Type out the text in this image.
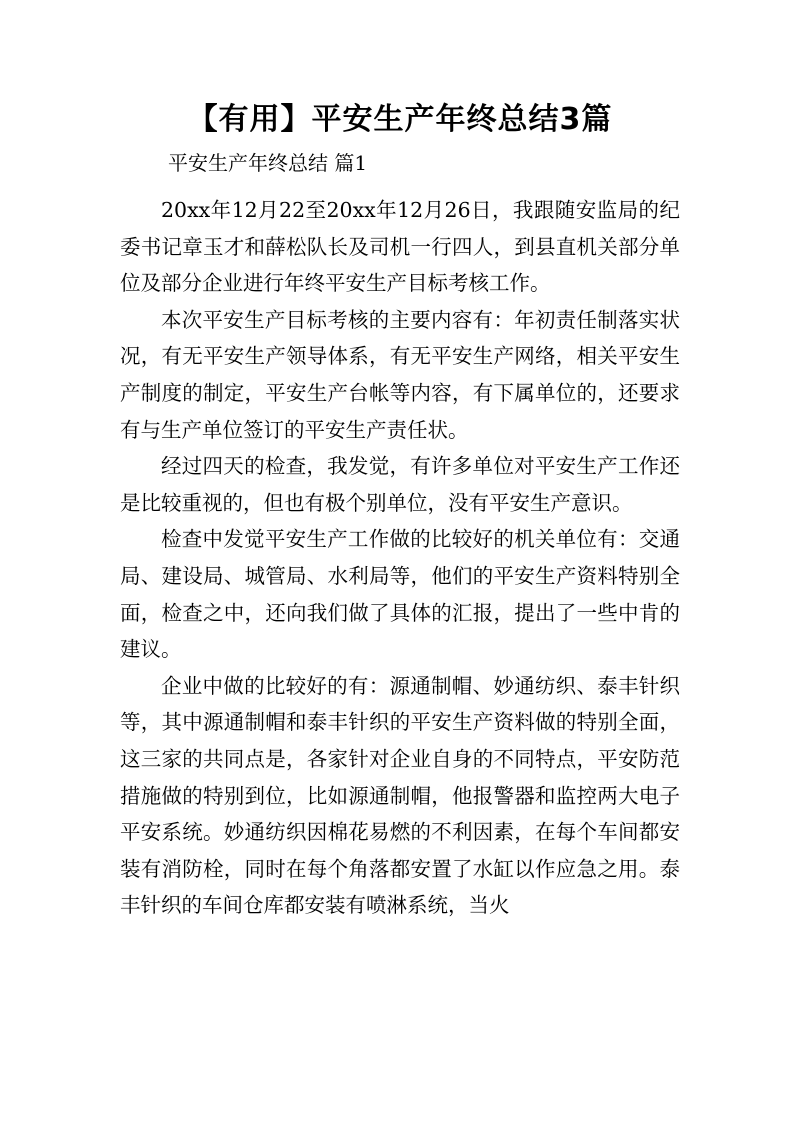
【有用】平安生产年终总结3篇
平安生产年终总结 篇1

20xx年12月22至20xx年12月26日，我跟随安监局的纪委书记章玉才和薛松队长及司机一行四人，到县直机关部分单位及部分企业进行年终平安生产目标考核工作。

本次平安生产目标考核的主要内容有：年初责任制落实状况，有无平安生产领导体系，有无平安生产网络，相关平安生产制度的制定，平安生产台帐等内容，有下属单位的，还要求有与生产单位签订的平安生产责任状。

经过四天的检查，我发觉，有许多单位对平安生产工作还是比较重视的，但也有极个别单位，没有平安生产意识。

检查中发觉平安生产工作做的比较好的机关单位有：交通局、建设局、城管局、水利局等，他们的平安生产资料特别全面，检查之中，还向我们做了具体的汇报，提出了一些中肯的建议。

企业中做的比较好的有：源通制帽、妙通纺织、泰丰针织等，其中源通制帽和泰丰针织的平安生产资料做的特别全面，这三家的共同点是，各家针对企业自身的不同特点，平安防范措施做的特别到位，比如源通制帽，他报警器和监控两大电子平安系统。妙通纺织因棉花易燃的不利因素，在每个车间都安装有消防栓，同时在每个角落都安置了水缸以作应急之用。泰丰针织的车间仓库都安装有喷淋系统，当火
